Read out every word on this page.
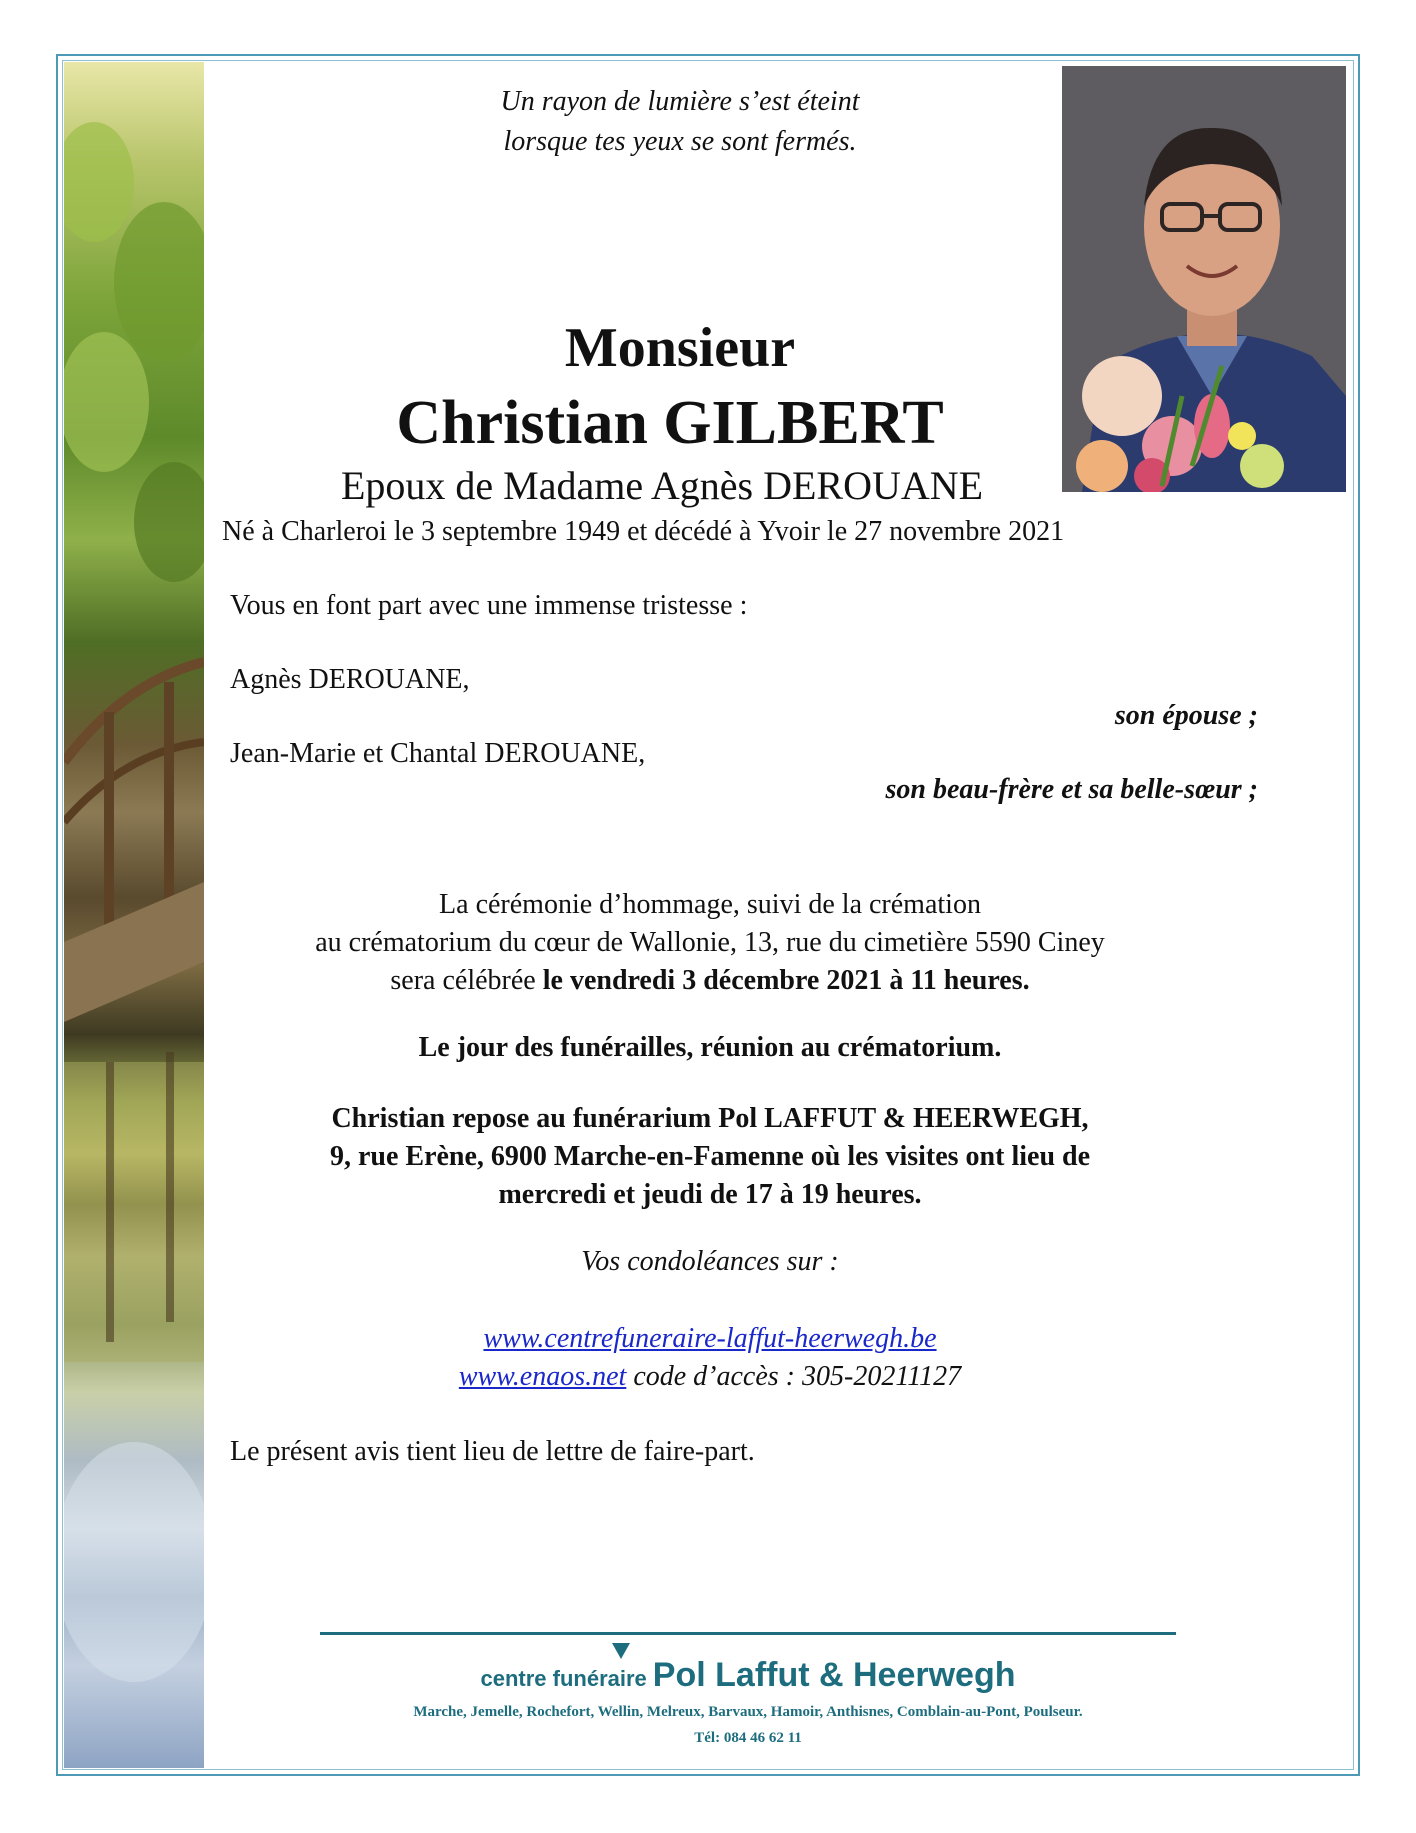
Un rayon de lumière s’est éteint
lorsque tes yeux se sont fermés.
Monsieur
Christian GILBERT
Epoux de Madame Agnès DEROUANE
Né à Charleroi le 3 septembre 1949 et décédé à Yvoir le 27 novembre 2021
Vous en font part avec une immense tristesse :
Agnès DEROUANE,
son épouse ;
Jean-Marie et Chantal DEROUANE,
son beau-frère et sa belle-sœur ;
La cérémonie d’hommage, suivi de la crémation
au crématorium du cœur de Wallonie, 13, rue du cimetière 5590 Ciney
sera célébrée le vendredi 3 décembre 2021 à 11 heures.
Le jour des funérailles, réunion au crématorium.
Christian repose au funérarium Pol LAFFUT & HEERWEGH,
9, rue Erène, 6900 Marche-en-Famenne où les visites ont lieu de
mercredi et jeudi de 17 à 19 heures.
Vos condoléances sur :
www.centrefuneraire-laffut-heerwegh.be
www.enaos.net code d’accès : 305-20211127
Le présent avis tient lieu de lettre de faire-part.
centre funéraire Pol Laffut & Heerwegh
Marche, Jemelle, Rochefort, Wellin, Melreux, Barvaux, Hamoir, Anthisnes, Comblain-au-Pont, Poulseur.
Tél: 084 46 62 11
